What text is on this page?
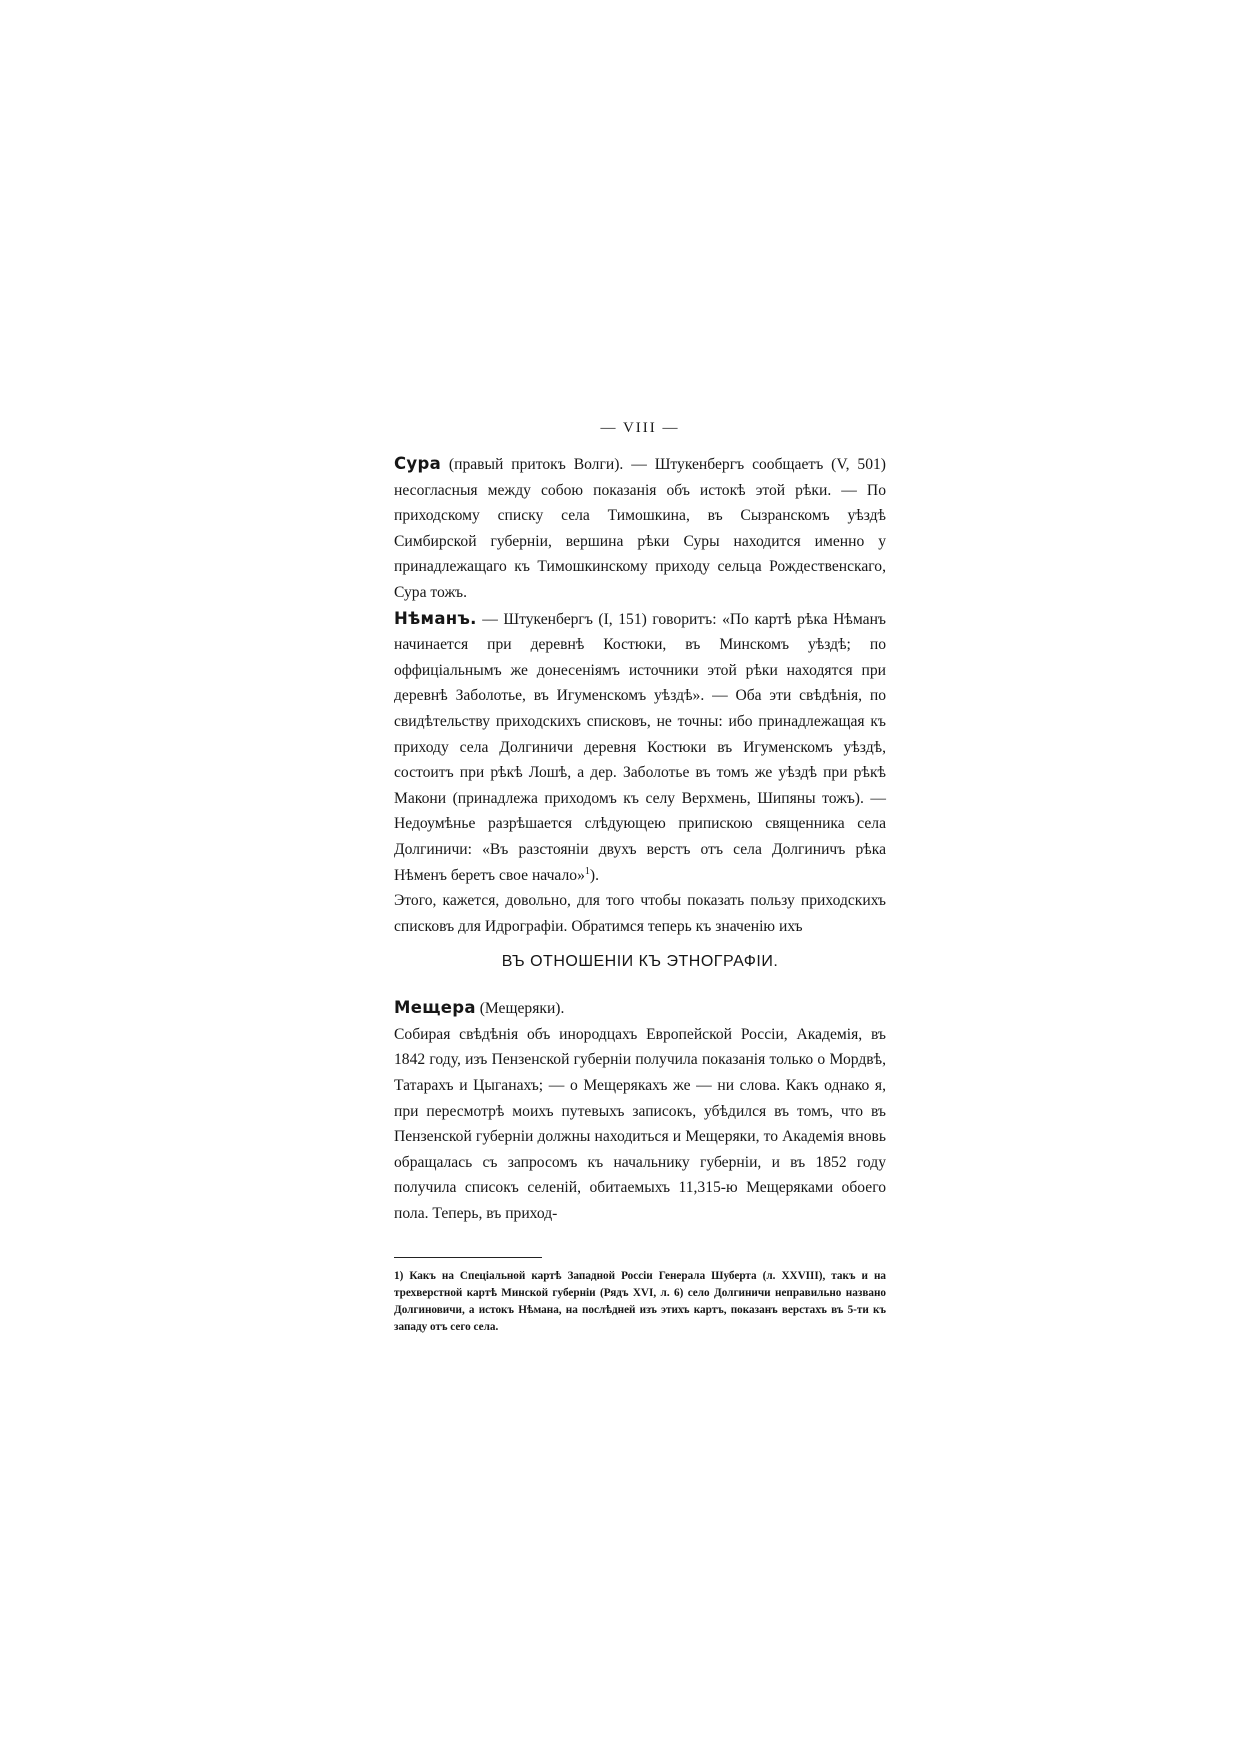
— VIII —

Сура (правый притокъ Волги). — Штукенбергъ сообщаетъ (V, 501) несогласныя между собою показанія объ истокѣ этой рѣки. — По приходскому списку села Тимошкина, въ Сызранскомъ уѣздѣ Симбирской губерніи, вершина рѣки Суры находится именно у принадлежащаго къ Тимошкинскому приходу сельца Рождественскаго, Сура тожъ.

Нѣманъ. — Штукенбергъ (I, 151) говоритъ: «По картѣ рѣка Нѣманъ начинается при деревнѣ Костюки, въ Минскомъ уѣздѣ; по оффиціальнымъ же донесеніямъ источники этой рѣки находятся при деревнѣ Заболотье, въ Игуменскомъ уѣздѣ». — Оба эти свѣдѣнія, по свидѣтельству приходскихъ списковъ, не точны: ибо принадлежащая къ приходу села Долгиничи деревня Костюки въ Игуменскомъ уѣздѣ, состоитъ при рѣкѣ Лошѣ, а дер. Заболотье въ томъ же уѣздѣ при рѣкѣ Макони (принадлежа приходомъ къ селу Верхмень, Шипяны тожъ). — Недоумѣнье разрѣшается слѣдующею припискою священника села Долгиничи: «Въ разстояніи двухъ верстъ отъ села Долгиничъ рѣка Нѣменъ беретъ свое начало»$^1$).

Этого, кажется, довольно, для того чтобы показать пользу приходскихъ списковъ для Идрографіи. Обратимся теперь къ значенію ихъ

ВЪ ОТНОШЕНІИ КЪ ЭТНОГРАФІИ.

Мещера (Мещеряки).

Собирая свѣдѣнія объ инородцахъ Европейской Россіи, Академія, въ 1842 году, изъ Пензенской губерніи получила показанія только о Мордвѣ, Татарахъ и Цыганахъ; — о Мещерякахъ же — ни слова. Какъ однако я, при пересмотрѣ моихъ путевыхъ записокъ, убѣдился въ томъ, что въ Пензенской губерніи должны находиться и Мещеряки, то Академія вновь обращалась съ запросомъ къ начальнику губерніи, и въ 1852 году получила списокъ селеній, обитаемыхъ 11,315-ю Мещеряками обоего пола. Теперь, въ приход-

1) Какъ на Спеціальной картѣ Западной Россіи Генерала Шуберта (л. XXVIII), такъ и на трехверстной картѣ Минской губерніи (Рядъ XVI, л. 6) село Долгиничи неправильно названо Долгиновичи, а истокъ Нѣмана, на послѣдней изъ этихъ картъ, показанъ верстахъ въ 5-ти къ западу отъ сего села.
